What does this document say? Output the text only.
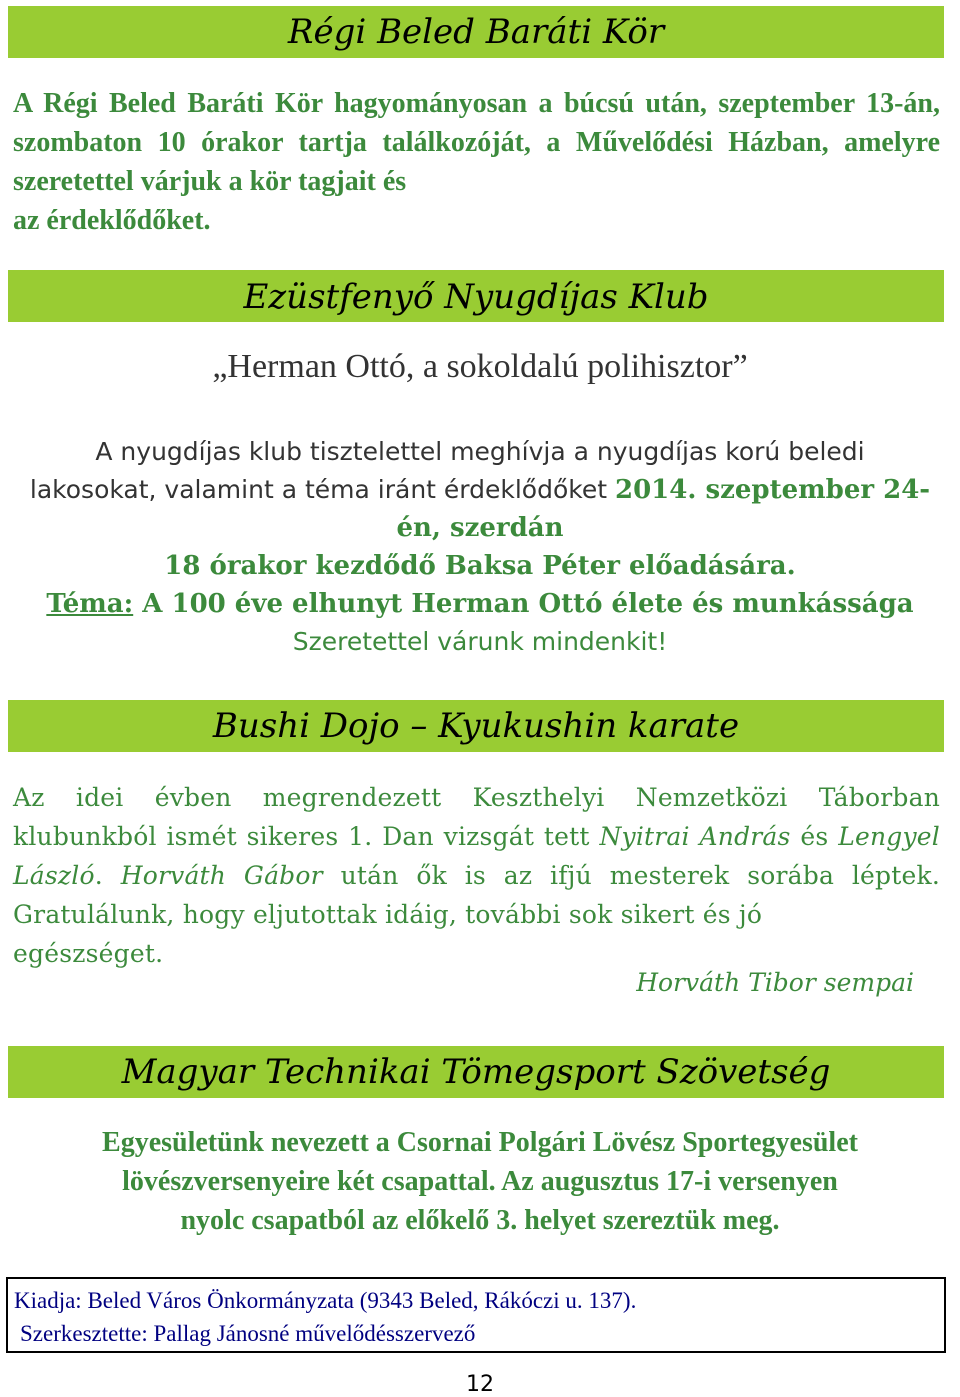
Régi Beled Baráti Kör
A Régi Beled Baráti Kör hagyományosan a búcsú után, szeptember 13-án, szombaton 10 órakor tartja találkozóját, a Művelődési Házban, amelyre szeretettel várjuk a kör tagjait és
az érdeklődőket.
Ezüstfenyő Nyugdíjas Klub
„Herman Ottó, a sokoldalú polihisztor”
A nyugdíjas klub tisztelettel meghívja a nyugdíjas korú beledi
lakosokat, valamint a téma iránt érdeklődőket 2014. szeptember 24-
én, szerdán
18 órakor kezdődő Baksa Péter előadására.
Téma: A 100 éve elhunyt Herman Ottó élete és munkássága
Szeretettel várunk mindenkit!
Bushi Dojo – Kyukushin karate
Az idei évben megrendezett Keszthelyi Nemzetközi Táborban klubunkból ismét sikeres 1. Dan vizsgát tett Nyitrai András és Lengyel László. Horváth Gábor után ők is az ifjú mesterek sorába léptek. Gratulálunk, hogy eljutottak idáig, további sok sikert és jó
egészséget.
Horváth Tibor sempai
Magyar Technikai Tömegsport Szövetség
Egyesületünk nevezett a Csornai Polgári Lövész Sportegyesület
lövészversenyeire két csapattal. Az augusztus 17-i versenyen
nyolc csapatból az előkelő 3. helyet szereztük meg.
Kiadja: Beled Város Önkormányzata (9343 Beled, Rákóczi u. 137).
Szerkesztette: Pallag Jánosné művelődésszervező
12
